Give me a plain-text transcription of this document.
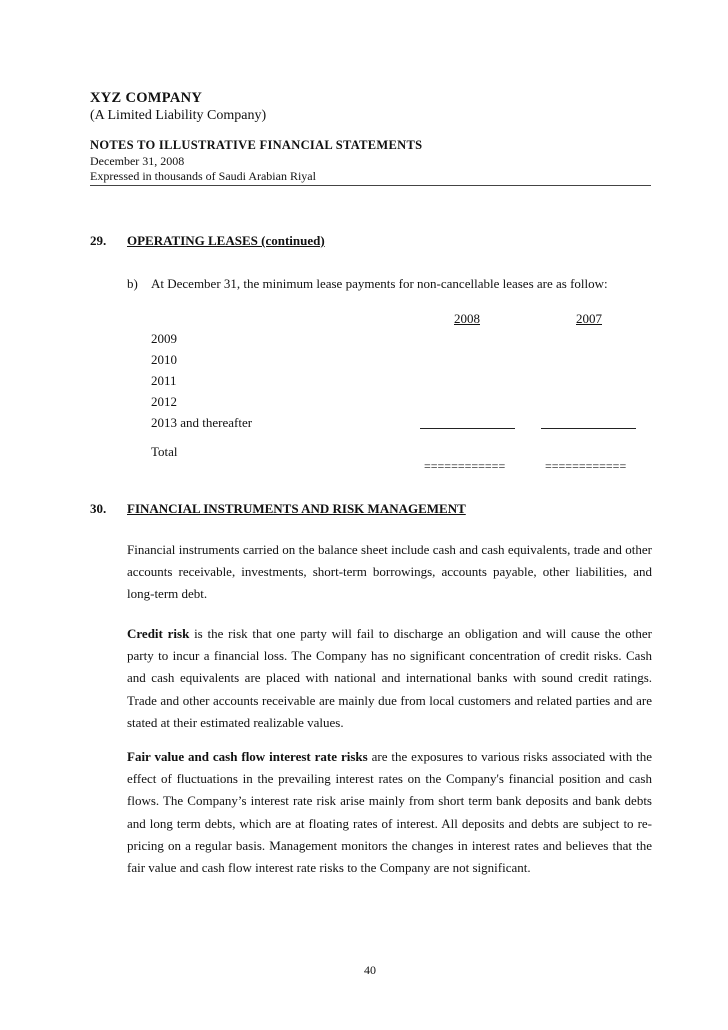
XYZ COMPANY
(A Limited Liability Company)
NOTES TO ILLUSTRATIVE FINANCIAL STATEMENTS
December 31, 2008
Expressed in thousands of Saudi Arabian Riyal
29. OPERATING LEASES (continued)
b) At December 31, the minimum lease payments for non-cancellable leases are as follow:
2008	2007
2009
2010
2011
2012
2013 and thereafter
Total
============	============
30. FINANCIAL INSTRUMENTS AND RISK MANAGEMENT
Financial instruments carried on the balance sheet include cash and cash equivalents, trade and other accounts receivable, investments, short-term borrowings, accounts payable, other liabilities, and long-term debt.
Credit risk is the risk that one party will fail to discharge an obligation and will cause the other party to incur a financial loss. The Company has no significant concentration of credit risks. Cash and cash equivalents are placed with national and international banks with sound credit ratings. Trade and other accounts receivable are mainly due from local customers and related parties and are stated at their estimated realizable values.
Fair value and cash flow interest rate risks are the exposures to various risks associated with the effect of fluctuations in the prevailing interest rates on the Company's financial position and cash flows. The Company’s interest rate risk arise mainly from short term bank deposits and bank debts and long term debts, which are at floating rates of interest. All deposits and debts are subject to re-pricing on a regular basis. Management monitors the changes in interest rates and believes that the fair value and cash flow interest rate risks to the Company are not significant.
40
